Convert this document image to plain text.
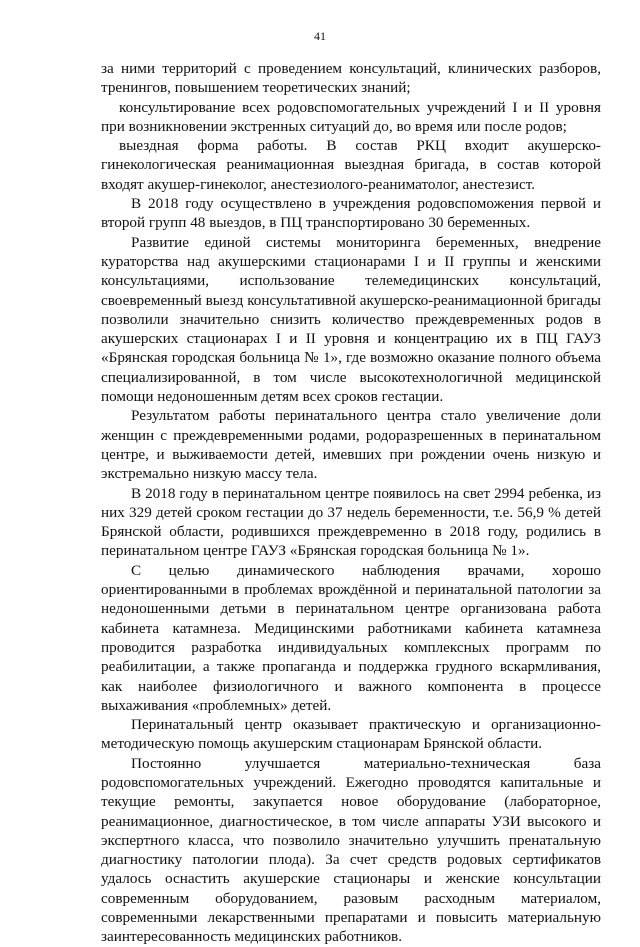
41

за ними территорий с проведением консультаций, клинических разборов, тренингов, повышением теоретических знаний;

консультирование всех родовспомогательных учреждений I и II уровня при возникновении экстренных ситуаций до, во время или после родов;

выездная форма работы. В состав РКЦ входит акушерско-гинекологическая реанимационная выездная бригада, в состав которой входят акушер-гинеколог, анестезиолого-реаниматолог, анестезист.

В 2018 году осуществлено в учреждения родовспоможения первой и второй групп 48 выездов, в ПЦ транспортировано 30 беременных.

Развитие единой системы мониторинга беременных, внедрение кураторства над акушерскими стационарами I и II группы и женскими консультациями, использование телемедицинских консультаций, своевременный выезд консультативной акушерско-реанимационной бригады позволили значительно снизить количество преждевременных родов в акушерских стационарах I и II уровня и концентрацию их в ПЦ ГАУЗ «Брянская городская больница № 1», где возможно оказание полного объема специализированной, в том числе высокотехнологичной медицинской помощи недоношенным детям всех сроков гестации.

Результатом работы перинатального центра стало увеличение доли женщин с преждевременными родами, родоразрешенных в перинатальном центре, и выживаемости детей, имевших при рождении очень низкую и экстремально низкую массу тела.

В 2018 году в перинатальном центре появилось на свет 2994 ребенка, из них 329 детей сроком гестации до 37 недель беременности, т.е. 56,9 % детей Брянской области, родившихся преждевременно в 2018 году, родились в перинатальном центре ГАУЗ «Брянская городская больница № 1».

С целью динамического наблюдения врачами, хорошо ориентированными в проблемах врождённой и перинатальной патологии за недоношенными детьми в перинатальном центре организована работа кабинета катамнеза. Медицинскими работниками кабинета катамнеза проводится разработка индивидуальных комплексных программ по реабилитации, а также пропаганда и поддержка грудного вскармливания, как наиболее физиологичного и важного компонента в процессе выхаживания «проблемных» детей.

Перинатальный центр оказывает практическую и организационно-методическую помощь акушерским стационарам Брянской области.

Постоянно улучшается материально-техническая база родовспомогательных учреждений. Ежегодно проводятся капитальные и текущие ремонты, закупается новое оборудование (лабораторное, реанимационное, диагностическое, в том числе аппараты УЗИ высокого и экспертного класса, что позволило значительно улучшить пренатальную диагностику патологии плода). За счет средств родовых сертификатов удалось оснастить акушерские стационары и женские консультации современным оборудованием, разовым расходным материалом, современными лекарственными препаратами и повысить материальную заинтересованность медицинских работников.
